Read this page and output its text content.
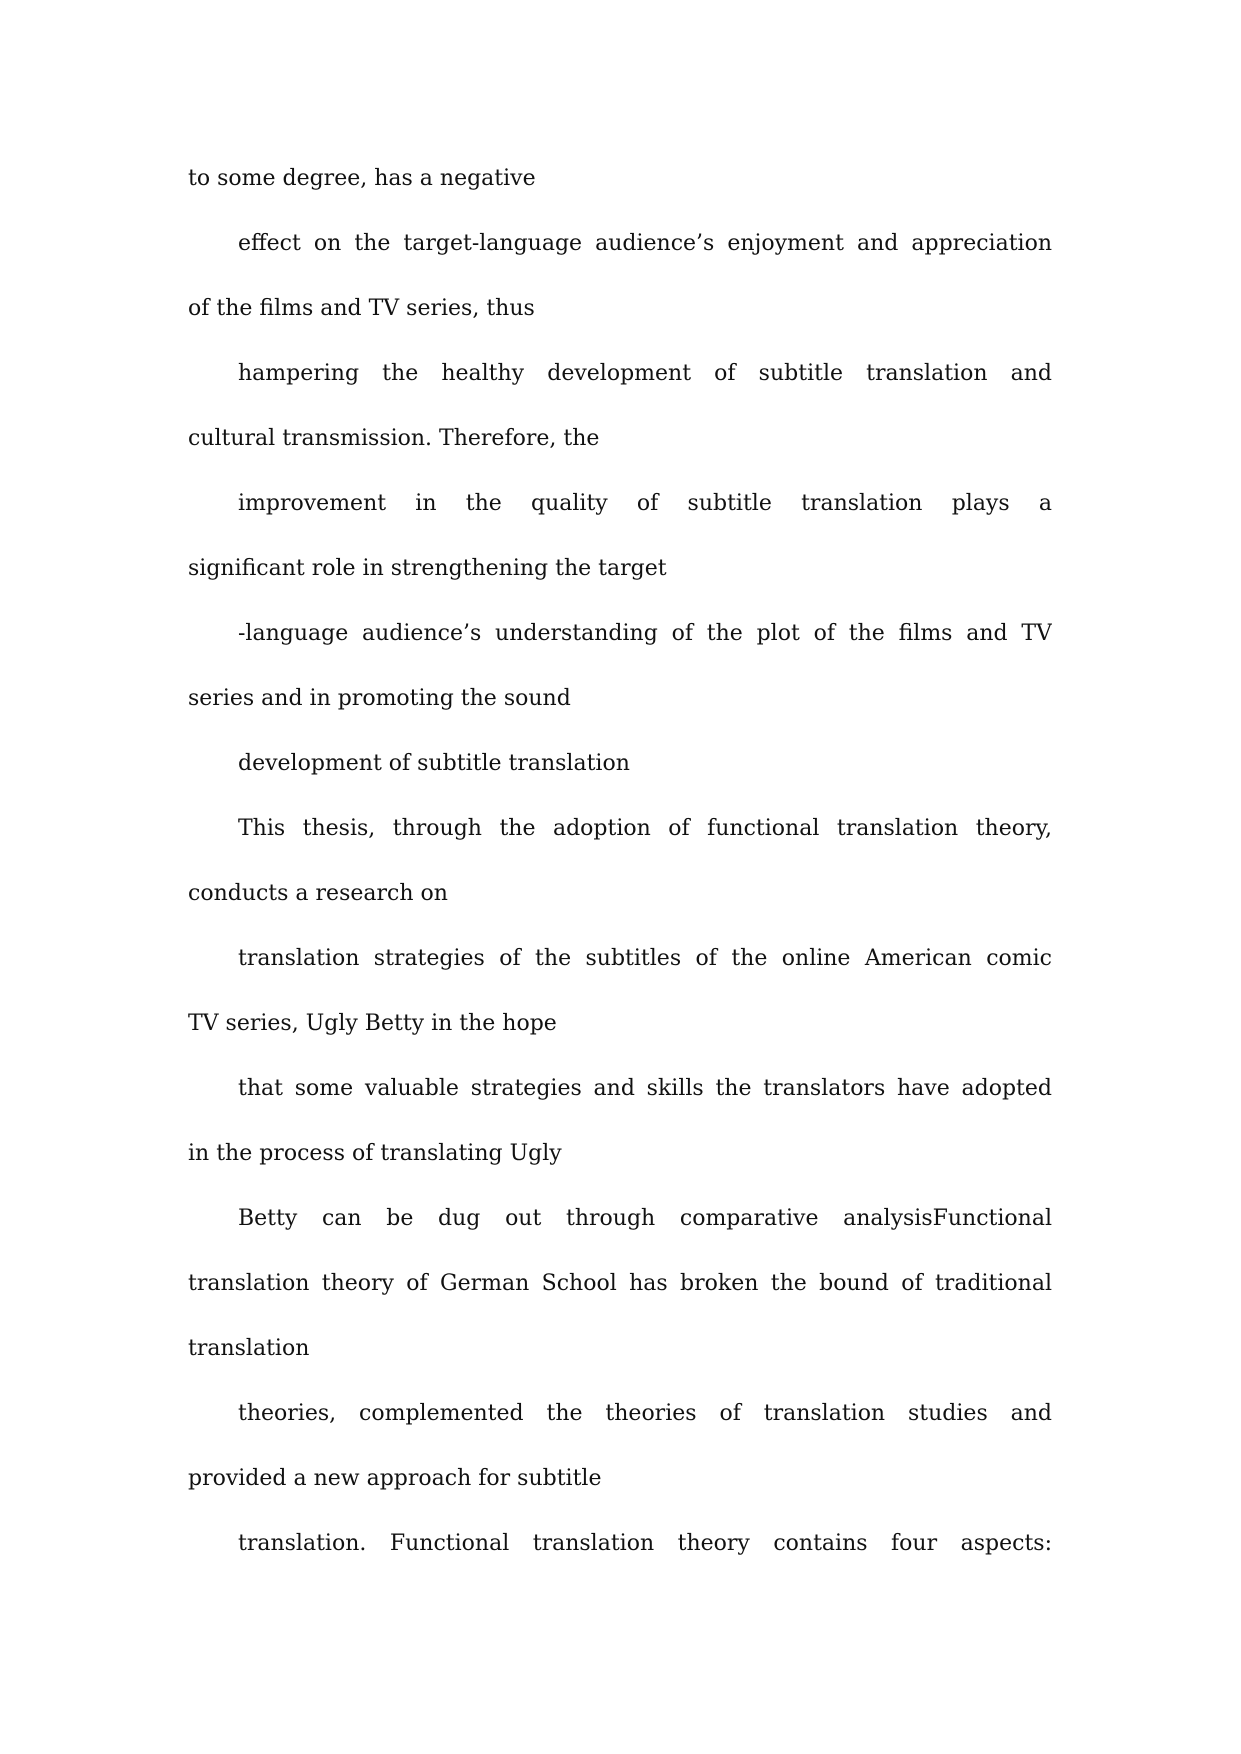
to some degree, has a negative
effect on the target-language audience’s enjoyment and appreciation
of the films and TV series, thus
hampering the healthy development of subtitle translation and
cultural transmission. Therefore, the
improvement in the quality of subtitle translation plays a
significant role in strengthening the target
-language audience’s understanding of the plot of the films and TV
series and in promoting the sound
development of subtitle translation
This thesis, through the adoption of functional translation theory,
conducts a research on
translation strategies of the subtitles of the online American comic
TV series, Ugly Betty in the hope
that some valuable strategies and skills the translators have adopted
in the process of translating Ugly
Betty can be dug out through comparative analysisFunctional
translation theory of German School has broken the bound of traditional
translation
theories, complemented the theories of translation studies and
provided a new approach for subtitle
translation. Functional translation theory contains four aspects:
